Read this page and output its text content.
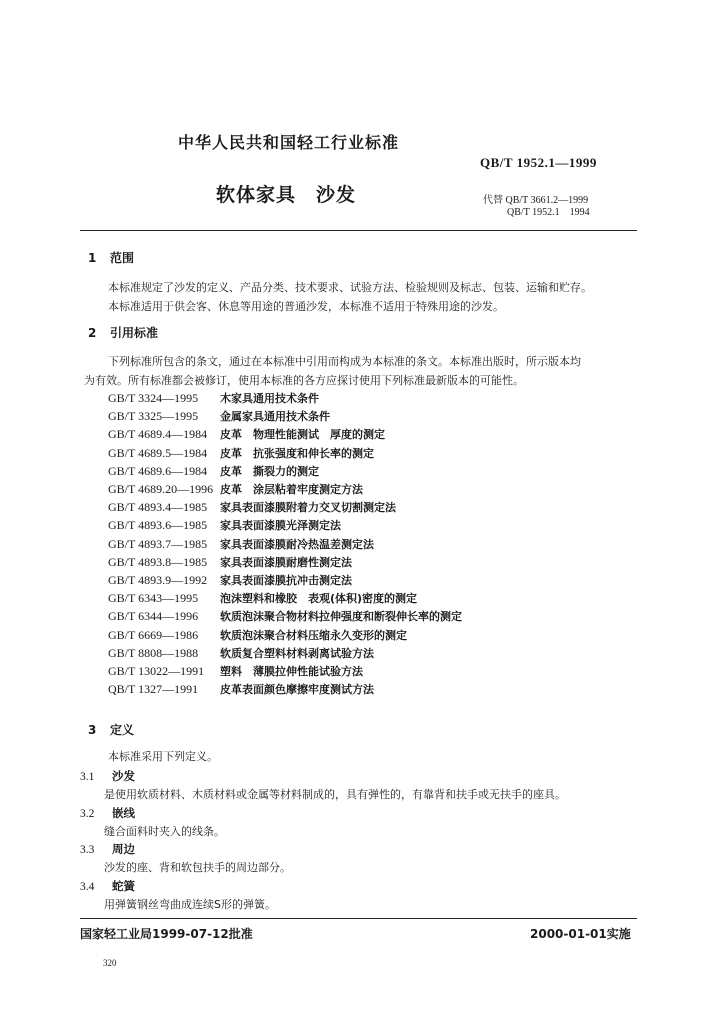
中华人民共和国轻工行业标准
QB/T 1952.1—1999
软体家具　沙发	代替 QB/T 3661.2—1999
QB/T 1952.1　1994
1 范围
本标准规定了沙发的定义、产品分类、技术要求、试验方法、检验规则及标志、包装、运输和贮存。
本标准适用于供会客、休息等用途的普通沙发，本标准不适用于特殊用途的沙发。
2 引用标准
下列标准所包含的条文，通过在本标准中引用而构成为本标准的条文。本标准出版时，所示版本均
为有效。所有标准都会被修订，使用本标准的各方应探讨使用下列标准最新版本的可能性。
GB/T 3324—1995 木家具通用技术条件
GB/T 3325—1995 金属家具通用技术条件
GB/T 4689.4—1984 皮革　物理性能测试　厚度的测定
GB/T 4689.5—1984 皮革　抗张强度和伸长率的测定
GB/T 4689.6—1984 皮革　撕裂力的测定
GB/T 4689.20—1996 皮革　涂层粘着牢度测定方法
GB/T 4893.4—1985 家具表面漆膜附着力交叉切割测定法
GB/T 4893.6—1985 家具表面漆膜光泽测定法
GB/T 4893.7—1985 家具表面漆膜耐冷热温差测定法
GB/T 4893.8—1985 家具表面漆膜耐磨性测定法
GB/T 4893.9—1992 家具表面漆膜抗冲击测定法
GB/T 6343—1995 泡沫塑料和橡胶　表观(体积)密度的测定
GB/T 6344—1996 软质泡沫聚合物材料拉伸强度和断裂伸长率的测定
GB/T 6669—1986 软质泡沫聚合材料压缩永久变形的测定
GB/T 8808—1988 软质复合塑料材料剥离试验方法
GB/T 13022—1991 塑料　薄膜拉伸性能试验方法
QB/T 1327—1991 皮革表面颜色摩擦牢度测试方法
3 定义
本标准采用下列定义。
3.1 沙发
是使用软质材料、木质材料或金属等材料制成的，具有弹性的，有靠背和扶手或无扶手的座具。
3.2 嵌线
缝合面料时夹入的线条。
3.3 周边
沙发的座、背和软包扶手的周边部分。
3.4 蛇簧
用弹簧钢丝弯曲成连续S形的弹簧。
国家轻工业局1999-07-12批准	2000-01-01实施
320
